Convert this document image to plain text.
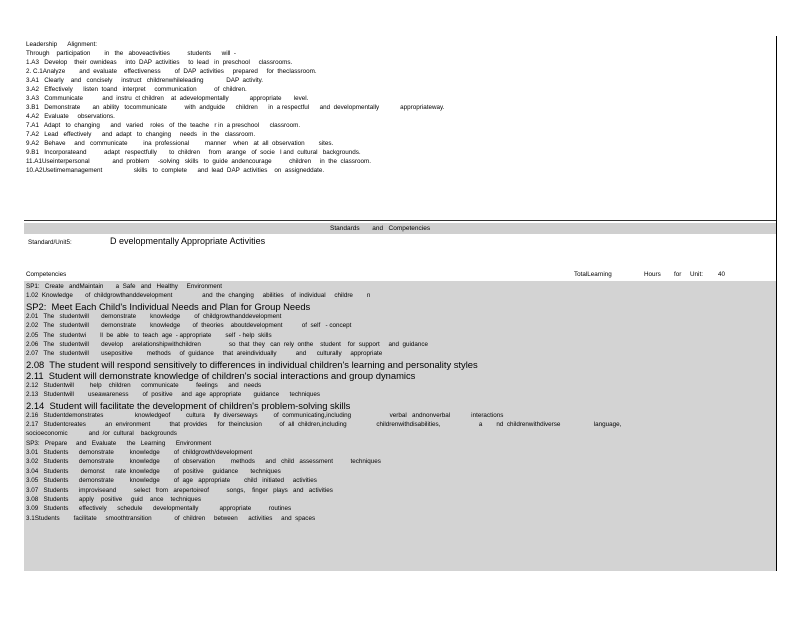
Leadership      Alignment:
Through    participation        in   the   aboveactivities          students      will  -
1.A3   Develop    their  ownideas     into  DAP  activities     to  lead   in  preschool     classrooms.
2. C.1Analyze        and  evaluate    effectiveness        of  DAP  activities     prepared     for  theclassroom.
3.A1   Clearly    and   concisely     instruct   childrenwhileleading             DAP  activity.
3.A2   Effectively      listen  toand   interpret     communication          of  children.
3.A3   Communicate           and  instru  ct children    at  adevelopmentally            appropriate       level.
3.B1   Demonstrate       an  ability   tocommunicate          with  andguide      children      in  a respectful      and  developmentally            appropriateway.
4.A2   Evaluate     observations.
7.A1   Adapt   to  changing      and   varied    roles   of  the  teache   r in  a preschool      classroom.
7.A2   Lead   effectively      and  adapt   to  changing     needs   in  the   classroom.
9.A2   Behave     and   communicate         ina  professional         manner    when   at  all  observation        sites.
9.B1   Incorporateand          adapt   respectfully       to  children     from   arange   of  socie   l and  cultural   backgrounds.
11.A1Useinterpersonal             and  problem     -solving   skills   to  guide  andencourage          children     in  the  classroom.
10.A2Usetimemanagement                  skills   to  complete      and  lead  DAP  activities    on  assigneddate.
Standards       and   Competencies
Standard/Unit5:	D evelopmentally Appropriate Activities
Competencies	TotalLearning	Hours for Unit: 40
SP1:   Create   andMaintain       a  Safe   and   Healthy     Environment
1.02  Knowledge       of  childgrowthanddevelopment                 and  the  changing     abilities    of  individual     childre        n
SP2:  Meet Each Child's Individual Needs and Plan for Group Needs
2.01   The   studentwill       demonstrate        knowledge        of  childgrowthanddevelopment
2.02   The   studentwill       demonstrate        knowledge       of  theories    aboutdevelopment           of  self   - concept
2.05   The   studentwi        ll  be  able   to  teach  age  - appropriate        self  - help  skills
2.06   The   studentwill       develop     arelationshipwithchildren                so  that  they   can  rely  onthe    student    for  support     and  guidance
2.07   The   studentwill       usepositive        methods     of  guidance     that  areindividually           and      culturally     appropriate
2.08  The student will respond sensitively to differences in individual children's learning and personality styles
2.11  Student will demonstrate knowledge of children's social interactions and group dynamics
2.12   Studentwill         help    children      communicate          feelings      and   needs
2.13   Studentwill        useawareness        of  positive     and  age  appropriate       guidance      techniques
2.14  Student will facilitate the development of children's problem-solving skills
2.16   Studentdemonstrates                  knowledgeof         cultura     lly  diverseways         of  communicating,including                      verbal   andnonverbal            interactions
2.17   Studentcreates           an  environment           that  provides      for  theinclusion          of  all  children,including                 childrenwithdisabilities,                      a        nd  childrenwithdiverse                   language,
socioeconomic            and  /or  cultural    backgrounds
SP3:   Prepare     and   Evaluate      the   Learning      Environment
3.01   Students      demonstrate         knowledge        of  childgrowth/development
3.02   Students      demonstrate         knowledge        of  observation         methods      and   child   assessment          techniques
3.04   Students       demonst      rate  knowledge        of  positive     guidance       techniques
3.05   Students      demonstrate         knowledge        of  age   appropriate        child   initiated     activities
3.07   Students      improviseand          select   from   arepertoireof          songs,    finger   plays   and   activities
3.08   Students      apply    positive     guid    ance    techniques
3.09   Students      effectively      schedule      developmentally            appropriate          routines
3.1Students        facilitate     smoothtransition             of  children     between      activities     and  spaces
